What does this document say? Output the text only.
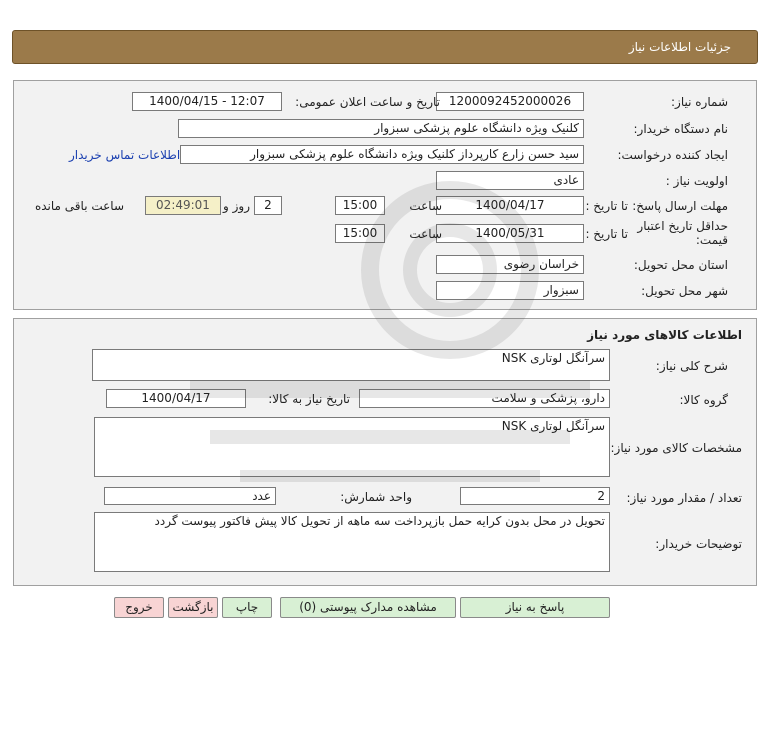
جزئیات اطلاعات نیاز
شماره نیاز:
1200092452000026
تاریخ و ساعت اعلان عمومی:
1400/04/15 - 12:07
نام دستگاه خریدار:
کلنیک ویژه دانشگاه علوم پزشکی سبزوار
ایجاد کننده درخواست:
سید حسن زارع کارپرداز کلنیک ویژه دانشگاه علوم پزشکی سبزوار
اطلاعات تماس خریدار
اولویت نیاز :
عادی
مهلت ارسال پاسخ:
تا تاریخ :
1400/04/17
ساعت
15:00
2
روز و
02:49:01
ساعت باقی مانده
حداقل تاریخ اعتبار
قیمت:
تا تاریخ :
1400/05/31
ساعت
15:00
استان محل تحویل:
خراسان رضوی
شهر محل تحویل:
سبزوار
اطلاعات کالاهای مورد نیاز
شرح کلی نیاز:
سرآنگل لوتاری NSK
گروه کالا:
دارو، پزشکی و سلامت
تاریخ نیاز به کالا:
1400/04/17
مشخصات کالای مورد نیاز:
سرآنگل لوتاری NSK
تعداد / مقدار مورد نیاز:
2
واحد شمارش:
عدد
توضیحات خریدار:
تحویل در محل بدون کرایه حمل بازپرداخت سه ماهه از تحویل کالا پیش فاکتور پیوست گردد
پاسخ به نیاز
مشاهده مدارک پیوستی (0)
چاپ
بازگشت
خروج
